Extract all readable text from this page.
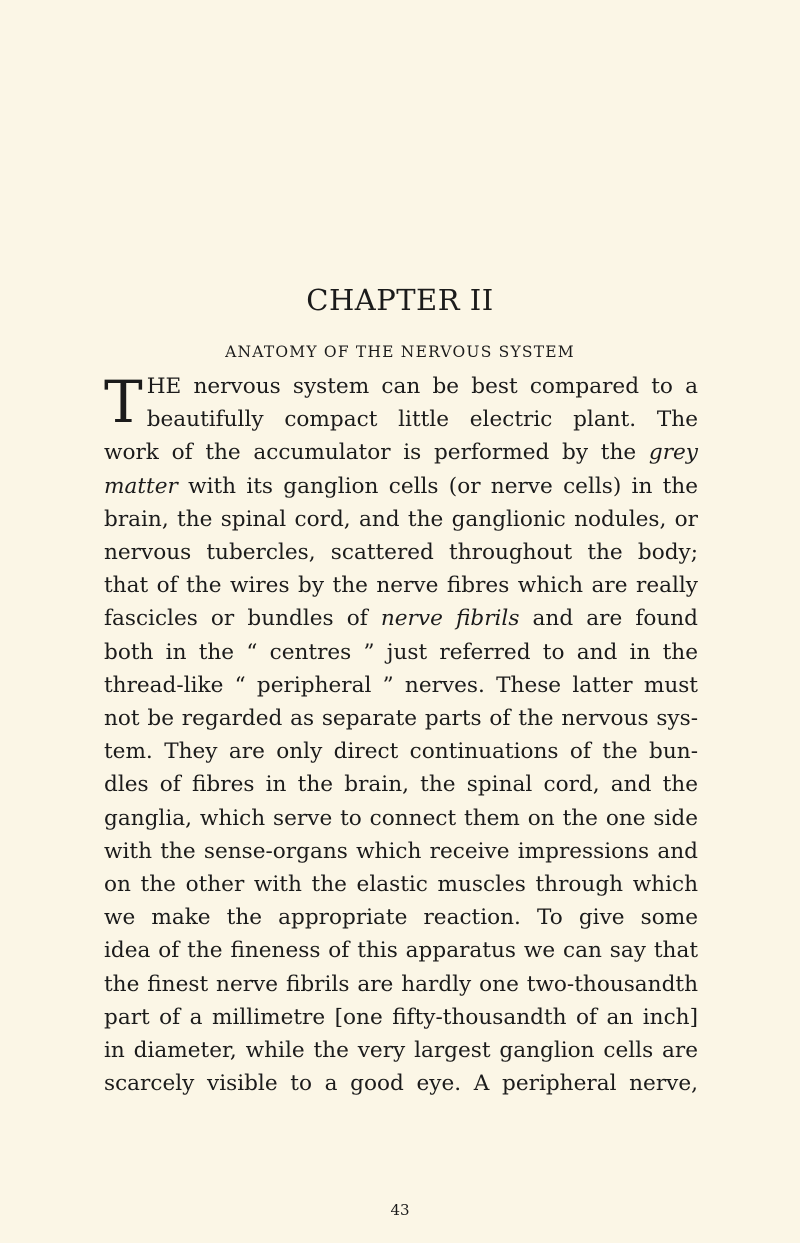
CHAPTER II
ANATOMY OF THE NERVOUS SYSTEM
T HE nervous system can be best compared to a
beautifully compact little electric plant. The
work of the accumulator is performed by the grey
matter with its ganglion cells (or nerve cells) in the
brain, the spinal cord, and the ganglionic nodules, or
nervous tubercles, scattered throughout the body;
that of the wires by the nerve fibres which are really
fascicles or bundles of nerve fibrils and are found
both in the “ centres ” just referred to and in the
thread-like “ peripheral ” nerves. These latter must
not be regarded as separate parts of the nervous sys-
tem. They are only direct continuations of the bun-
dles of fibres in the brain, the spinal cord, and the
ganglia, which serve to connect them on the one side
with the sense-organs which receive impressions and
on the other with the elastic muscles through which
we make the appropriate reaction. To give some
idea of the fineness of this apparatus we can say that
the finest nerve fibrils are hardly one two-thousandth
part of a millimetre [one fifty-thousandth of an inch]
in diameter, while the very largest ganglion cells are
scarcely visible to a good eye. A peripheral nerve,

43
